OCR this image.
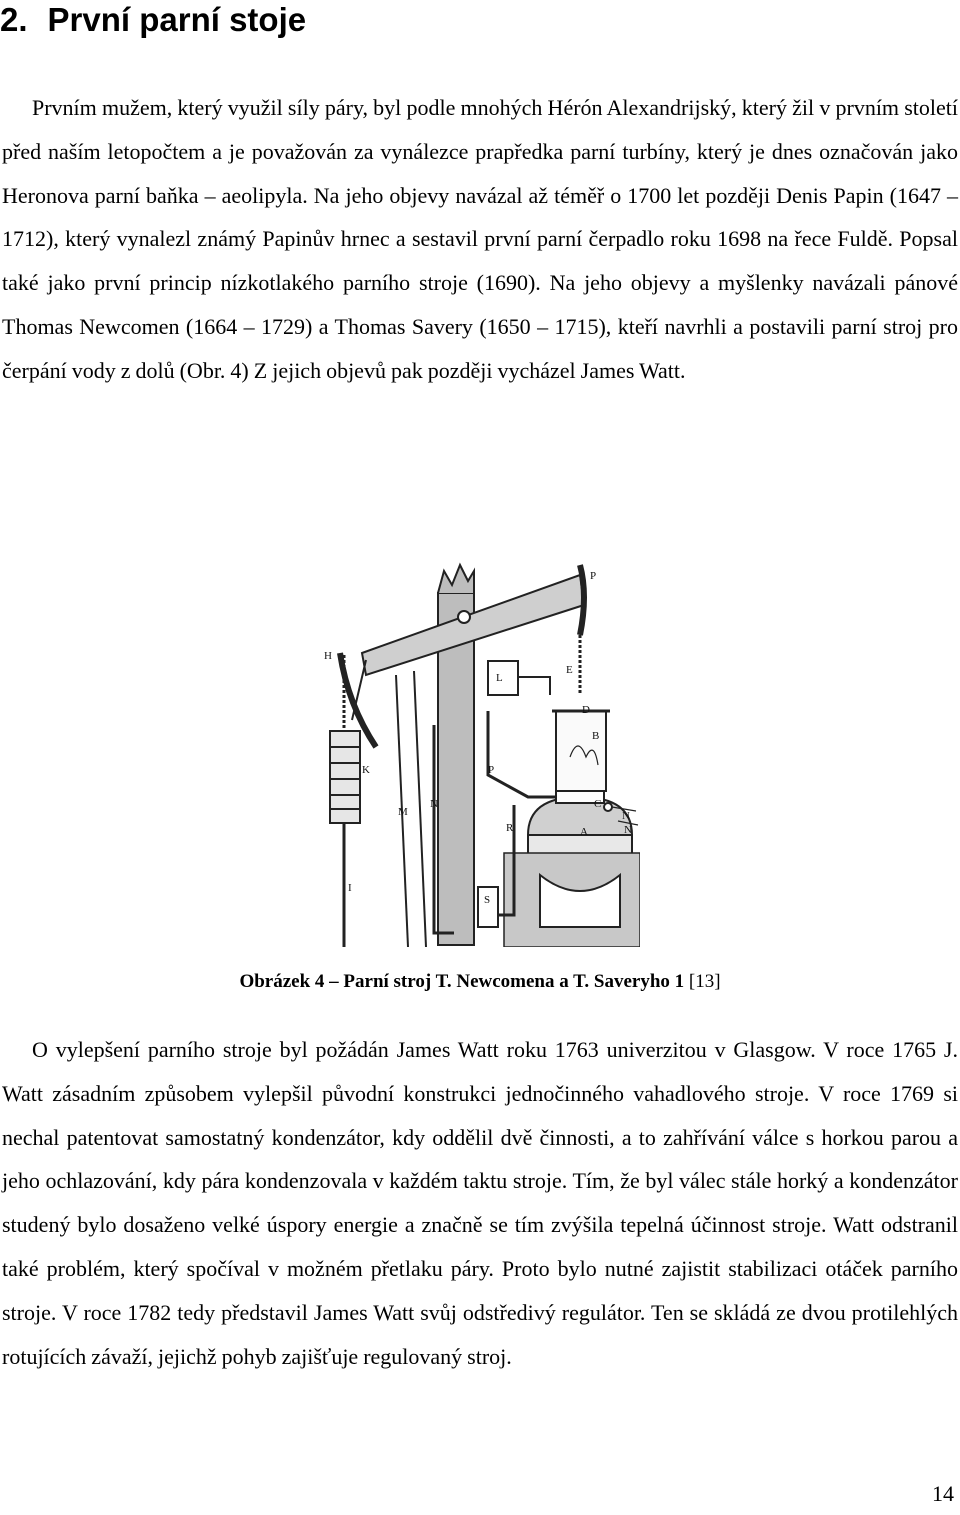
2. První parní stoje

Prvním mužem, který využil síly páry, byl podle mnohých Hérón Alexandrijský, který žil v prvním století před naším letopočtem a je považován za vynálezce prapředka parní turbíny, který je dnes označován jako Heronova parní baňka – aeolipyla. Na jeho objevy navázal až téměř o 1700 let později Denis Papin (1647 – 1712), který vynalezl známý Papinův hrnec a sestavil první parní čerpadlo roku 1698 na řece Fuldě. Popsal také jako první princip nízkotlakého parního stroje (1690). Na jeho objevy a myšlenky navázali pánové Thomas Newcomen (1664 – 1729) a Thomas Savery (1650 – 1715), kteří navrhli a postavili parní stroj pro čerpání vody z dolů (Obr. 4) Z jejich objevů pak později vycházel James Watt.

P
H
L
E
D
B
K	P
M
N	C
R	A
I
S
N
N

Obrázek 4 – Parní stroj T. Newcomena a T. Saveryho 1 [13]

O vylepšení parního stroje byl požádán James Watt roku 1763 univerzitou v Glasgow. V roce 1765 J. Watt zásadním způsobem vylepšil původní konstrukci jednočinného vahadlového stroje. V roce 1769 si nechal patentovat samostatný kondenzátor, kdy oddělil dvě činnosti, a to zahřívání válce s horkou parou a jeho ochlazování, kdy pára kondenzovala v každém taktu stroje. Tím, že byl válec stále horký a kondenzátor studený bylo dosaženo velké úspory energie a značně se tím zvýšila tepelná účinnost stroje. Watt odstranil také problém, který spočíval v možném přetlaku páry. Proto bylo nutné zajistit stabilizaci otáček parního stroje. V roce 1782 tedy představil James Watt svůj odstředivý regulátor. Ten se skládá ze dvou protilehlých rotujících závaží, jejichž pohyb zajišťuje regulovaný stroj.

14
